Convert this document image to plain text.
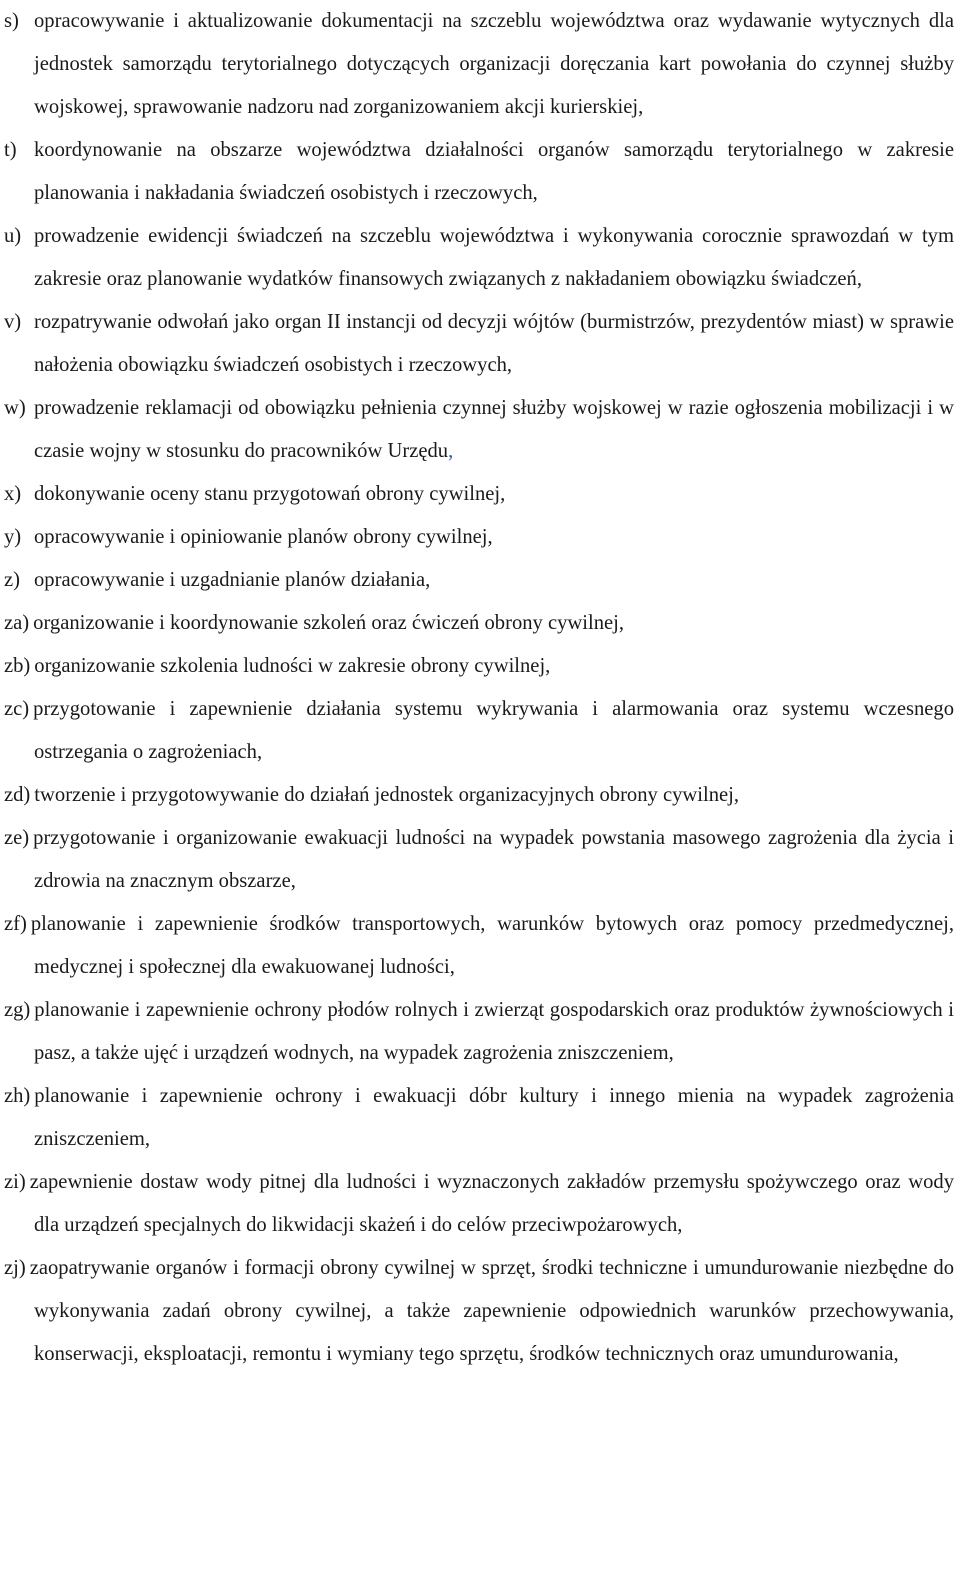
s) opracowywanie i aktualizowanie dokumentacji na szczeblu województwa oraz wydawanie wytycznych dla jednostek samorządu terytorialnego dotyczących organizacji doręczania kart powołania do czynnej służby wojskowej, sprawowanie nadzoru nad zorganizowaniem akcji kurierskiej,
t) koordynowanie na obszarze województwa działalności organów samorządu terytorialnego w zakresie planowania i nakładania świadczeń osobistych i rzeczowych,
u) prowadzenie ewidencji świadczeń na szczeblu województwa i wykonywania corocznie sprawozdań w tym zakresie oraz planowanie wydatków finansowych związanych z nakładaniem obowiązku świadczeń,
v) rozpatrywanie odwołań jako organ II instancji od decyzji wójtów (burmistrzów, prezydentów miast) w sprawie nałożenia obowiązku świadczeń osobistych i rzeczowych,
w) prowadzenie reklamacji od obowiązku pełnienia czynnej służby wojskowej w razie ogłoszenia mobilizacji i w czasie wojny w stosunku do pracowników Urzędu,
x) dokonywanie oceny stanu przygotowań obrony cywilnej,
y) opracowywanie i opiniowanie planów obrony cywilnej,
z) opracowywanie i uzgadnianie planów działania,
za) organizowanie i koordynowanie szkoleń oraz ćwiczeń obrony cywilnej,
zb) organizowanie szkolenia ludności w zakresie obrony cywilnej,
zc) przygotowanie i zapewnienie działania systemu wykrywania i alarmowania oraz systemu wczesnego ostrzegania o zagrożeniach,
zd) tworzenie i przygotowywanie do działań jednostek organizacyjnych obrony cywilnej,
ze) przygotowanie i organizowanie ewakuacji ludności na wypadek powstania masowego zagrożenia dla życia i zdrowia na znacznym obszarze,
zf) planowanie i zapewnienie środków transportowych, warunków bytowych oraz pomocy przedmedycznej, medycznej i społecznej dla ewakuowanej ludności,
zg) planowanie i zapewnienie ochrony płodów rolnych i zwierząt gospodarskich oraz produktów żywnościowych i pasz, a także ujęć i urządzeń wodnych, na wypadek zagrożenia zniszczeniem,
zh) planowanie i zapewnienie ochrony i ewakuacji dóbr kultury i innego mienia na wypadek zagrożenia zniszczeniem,
zi) zapewnienie dostaw wody pitnej dla ludności i wyznaczonych zakładów przemysłu spożywczego oraz wody dla urządzeń specjalnych do likwidacji skażeń i do celów przeciwpożarowych,
zj) zaopatrywanie organów i formacji obrony cywilnej w sprzęt, środki techniczne i umundurowanie niezbędne do wykonywania zadań obrony cywilnej, a także zapewnienie odpowiednich warunków przechowywania, konserwacji, eksploatacji, remontu i wymiany tego sprzętu, środków technicznych oraz umundurowania,
